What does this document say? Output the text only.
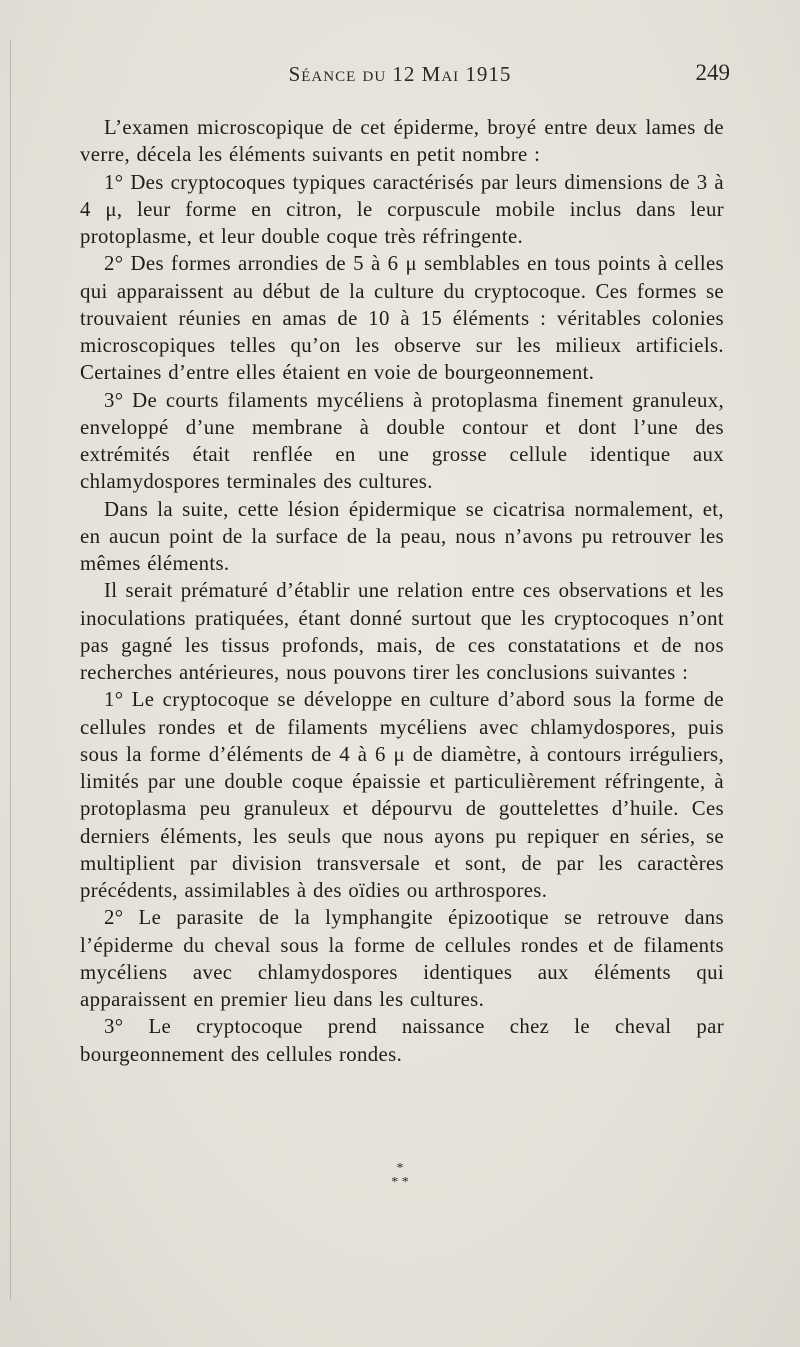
Séance du 12 Mai 1915	249

L’examen microscopique de cet épiderme, broyé entre deux lames de verre, décela les éléments suivants en petit nombre :

1° Des cryptocoques typiques caractérisés par leurs dimensions de 3 à 4 μ, leur forme en citron, le corpuscule mobile inclus dans leur protoplasme, et leur double coque très réfringente.

2° Des formes arrondies de 5 à 6 μ semblables en tous points à celles qui apparaissent au début de la culture du cryptocoque. Ces formes se trouvaient réunies en amas de 10 à 15 éléments : véritables colonies microscopiques telles qu’on les observe sur les milieux artificiels. Certaines d’entre elles étaient en voie de bourgeonnement.

3° De courts filaments mycéliens à protoplasma finement granuleux, enveloppé d’une membrane à double contour et dont l’une des extrémités était renflée en une grosse cellule identique aux chlamydospores terminales des cultures.

Dans la suite, cette lésion épidermique se cicatrisa normalement, et, en aucun point de la surface de la peau, nous n’avons pu retrouver les mêmes éléments.

Il serait prématuré d’établir une relation entre ces observations et les inoculations pratiquées, étant donné surtout que les cryptocoques n’ont pas gagné les tissus profonds, mais, de ces constatations et de nos recherches antérieures, nous pouvons tirer les conclusions suivantes :

1° Le cryptocoque se développe en culture d’abord sous la forme de cellules rondes et de filaments mycéliens avec chlamydospores, puis sous la forme d’éléments de 4 à 6 μ de diamètre, à contours irréguliers, limités par une double coque épaissie et particulièrement réfringente, à protoplasma peu granuleux et dépourvu de gouttelettes d’huile. Ces derniers éléments, les seuls que nous ayons pu repiquer en séries, se multiplient par division transversale et sont, de par les caractères précédents, assimilables à des oïdies ou arthrospores.

2° Le parasite de la lymphangite épizootique se retrouve dans l’épiderme du cheval sous la forme de cellules rondes et de filaments mycéliens avec chlamydospores identiques aux éléments qui apparaissent en premier lieu dans les cultures.

3° Le cryptocoque prend naissance chez le cheval par bourgeonnement des cellules rondes.

*
* *
